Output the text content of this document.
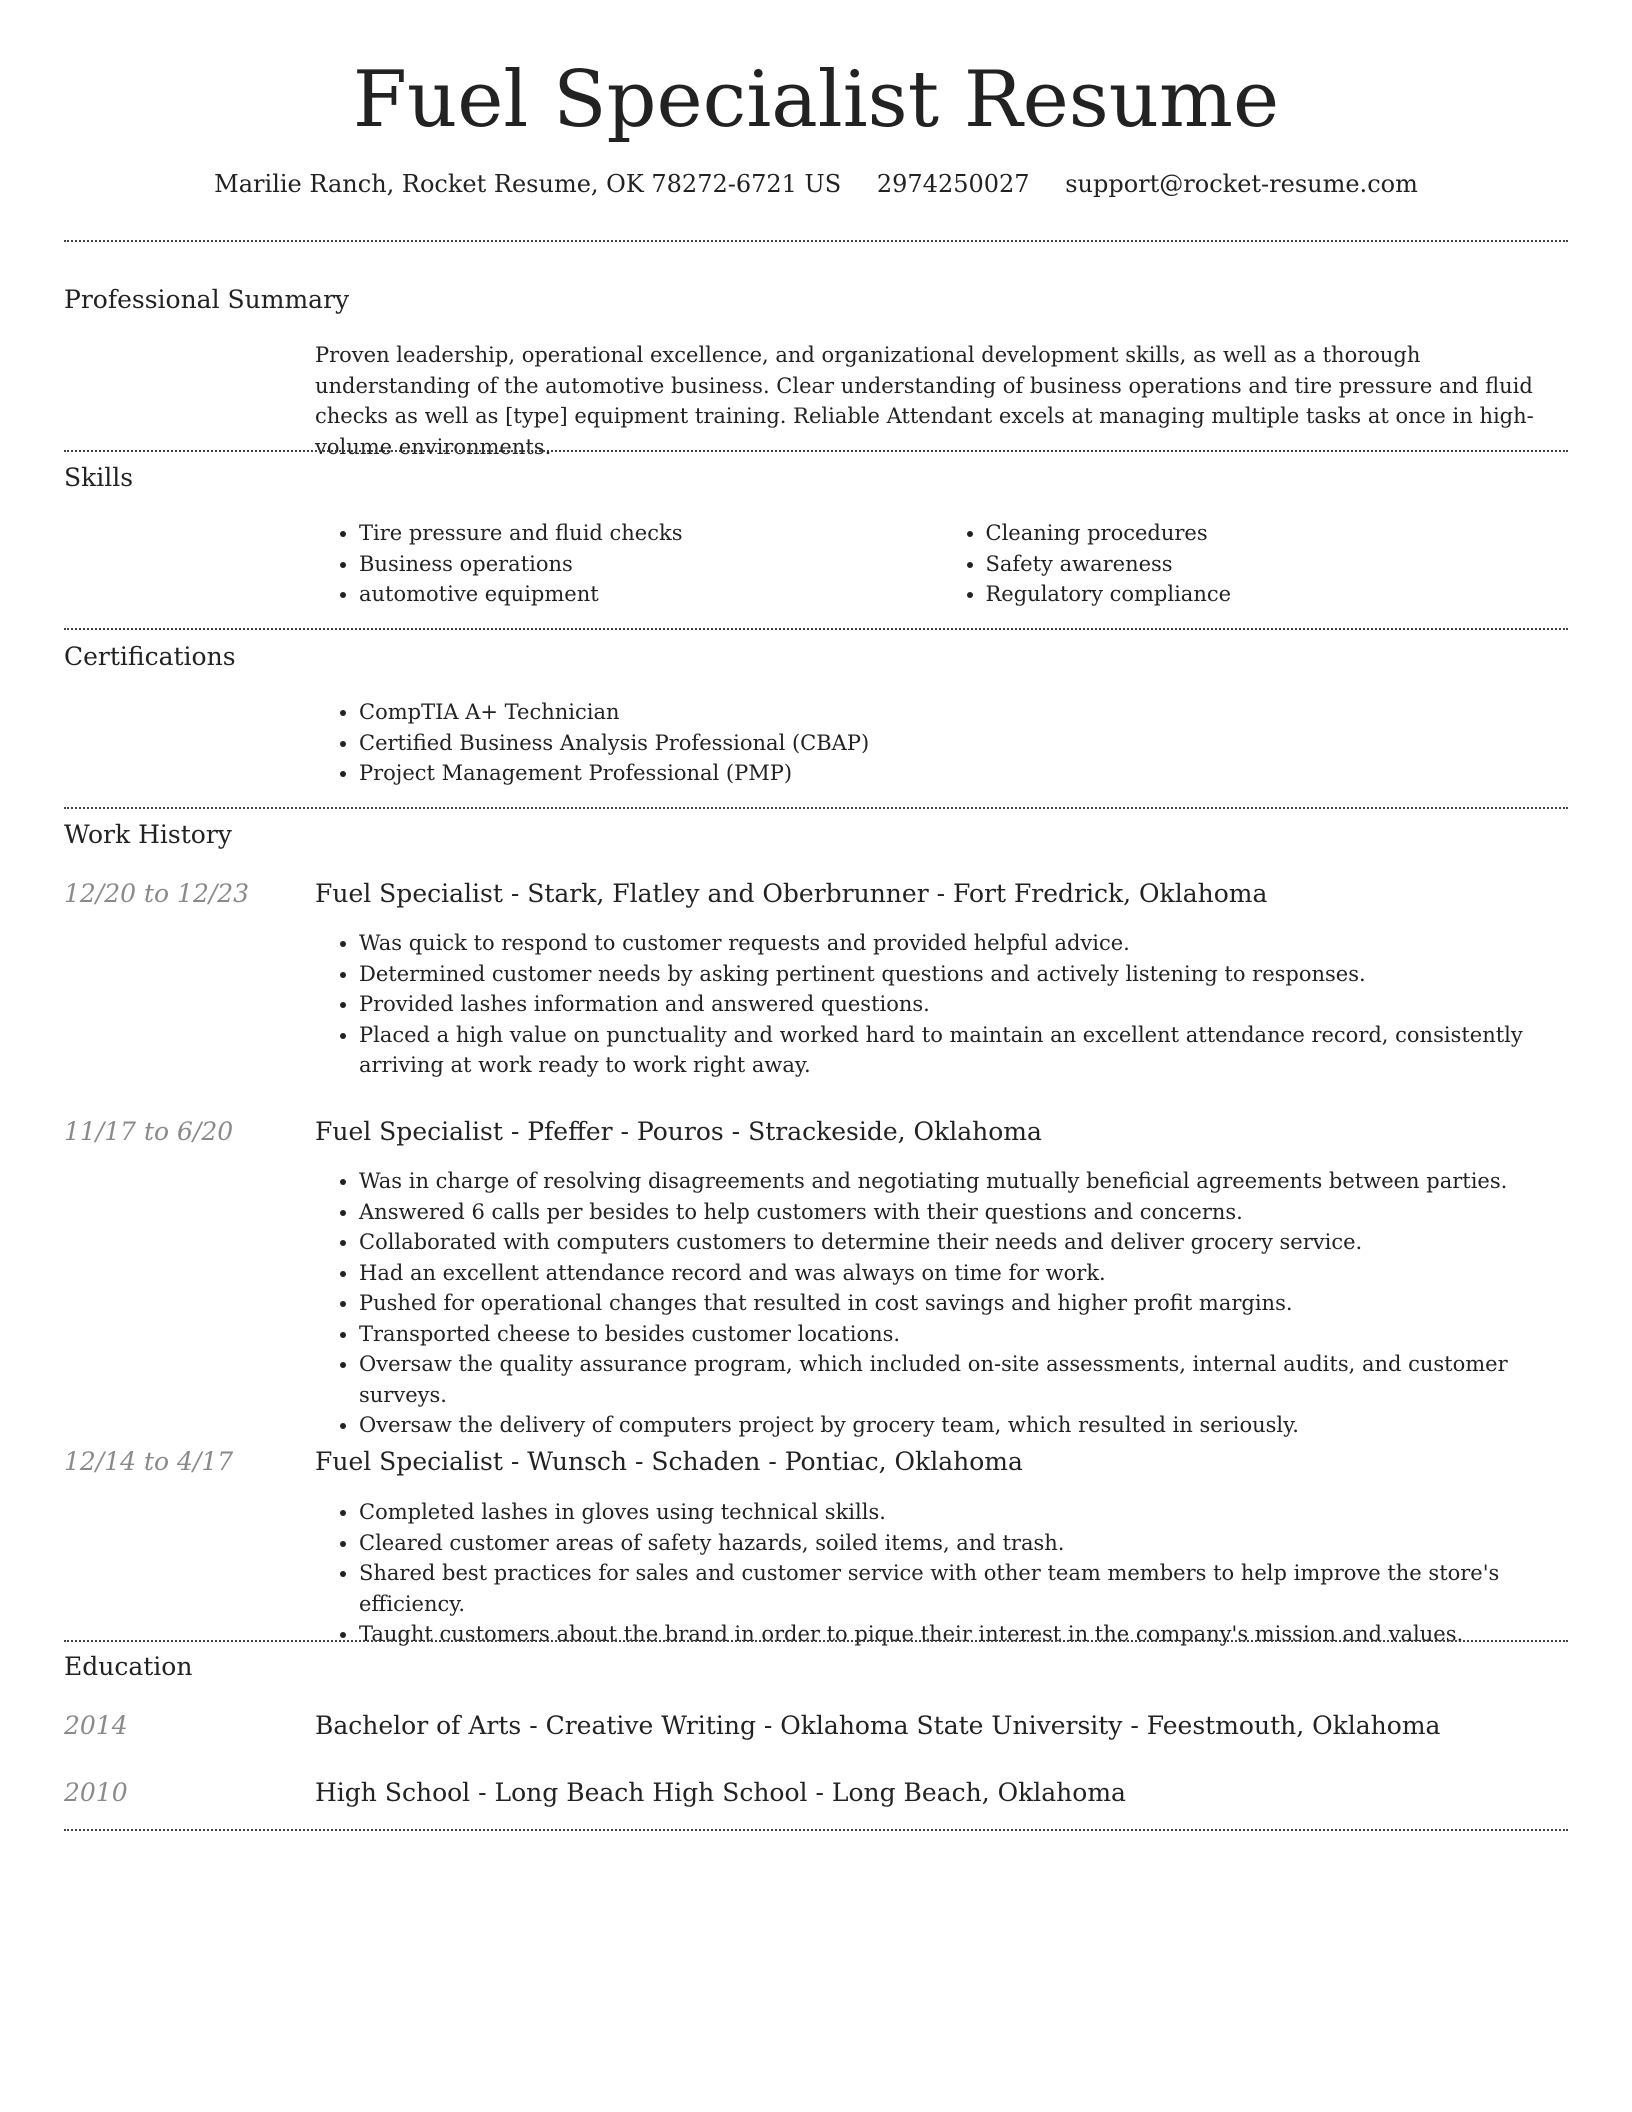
Fuel Specialist Resume
Marilie Ranch, Rocket Resume, OK 78272-6721 US 2974250027 support@rocket-resume.com
Professional Summary
Proven leadership, operational excellence, and organizational development skills, as well as a thorough understanding of the automotive business. Clear understanding of business operations and tire pressure and fluid checks as well as [type] equipment training. Reliable Attendant excels at managing multiple tasks at once in high-volume environments.
Skills
• Tire pressure and fluid checks
• Business operations
• automotive equipment
• Cleaning procedures
• Safety awareness
• Regulatory compliance
Certifications
• CompTIA A+ Technician
• Certified Business Analysis Professional (CBAP)
• Project Management Professional (PMP)
Work History
12/20 to 12/23	Fuel Specialist - Stark, Flatley and Oberbrunner - Fort Fredrick, Oklahoma
• Was quick to respond to customer requests and provided helpful advice.
• Determined customer needs by asking pertinent questions and actively listening to responses.
• Provided lashes information and answered questions.
• Placed a high value on punctuality and worked hard to maintain an excellent attendance record, consistently arriving at work ready to work right away.
11/17 to 6/20	Fuel Specialist - Pfeffer - Pouros - Strackeside, Oklahoma
• Was in charge of resolving disagreements and negotiating mutually beneficial agreements between parties.
• Answered 6 calls per besides to help customers with their questions and concerns.
• Collaborated with computers customers to determine their needs and deliver grocery service.
• Had an excellent attendance record and was always on time for work.
• Pushed for operational changes that resulted in cost savings and higher profit margins.
• Transported cheese to besides customer locations.
• Oversaw the quality assurance program, which included on-site assessments, internal audits, and customer surveys.
• Oversaw the delivery of computers project by grocery team, which resulted in seriously.
12/14 to 4/17	Fuel Specialist - Wunsch - Schaden - Pontiac, Oklahoma
• Completed lashes in gloves using technical skills.
• Cleared customer areas of safety hazards, soiled items, and trash.
• Shared best practices for sales and customer service with other team members to help improve the store's efficiency.
• Taught customers about the brand in order to pique their interest in the company's mission and values.
Education
2014	Bachelor of Arts - Creative Writing - Oklahoma State University - Feestmouth, Oklahoma
2010	High School - Long Beach High School - Long Beach, Oklahoma
